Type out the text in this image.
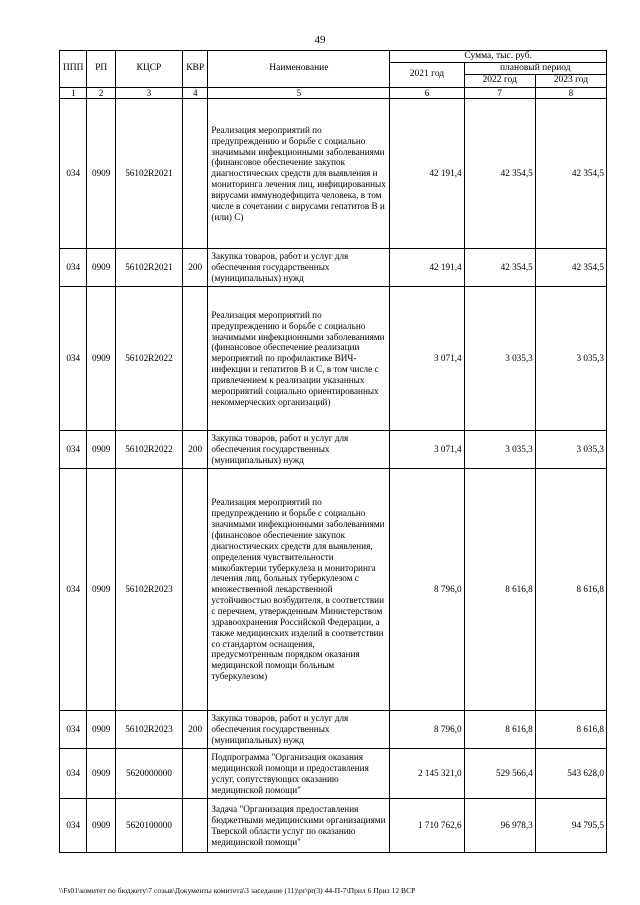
49
ППП	РП	КЦСР	КВР	Наименование	Сумма, тыс. руб.		
					2021 год	плановый период	
						2022 год	2023 год
1	2	3	4	5	6	7	8
034	0909	56102R2021		Реализация мероприятий по предупреждению и борьбе с социально значимыми инфекционными заболеваниями (финансовое обеспечение закупок диагностических средств для выявления и мониторинга лечения лиц, инфицированных вирусами иммунодефицита человека, в том числе в сочетании с вирусами гепатитов В и (или) С)	42 191,4	42 354,5	42 354,5
034	0909	56102R2021	200	Закупка товаров, работ и услуг для обеспечения государственных (муниципальных) нужд	42 191,4	42 354,5	42 354,5
034	0909	56102R2022		Реализация мероприятий по предупреждению и борьбе с социально значимыми инфекционными заболеваниями (финансовое обеспечение реализации мероприятий по профилактике ВИЧ-инфекции и гепатитов В и С, в том числе с привлечением к реализации указанных мероприятий социально ориентированных некоммерческих организаций)	3 071,4	3 035,3	3 035,3
034	0909	56102R2022	200	Закупка товаров, работ и услуг для обеспечения государственных (муниципальных) нужд	3 071,4	3 035,3	3 035,3
034	0909	56102R2023		Реализация мероприятий по предупреждению и борьбе с социально значимыми инфекционными заболеваниями (финансовое обеспечение закупок диагностических средств для выявления, определения чувствительности микобактерии туберкулеза и мониторинга лечения лиц, больных туберкулезом с множественной лекарственной устойчивостью возбудителя, в соответствии с перечнем, утвержденным Министерством здравоохранения Российской Федерации, а также медицинских изделий в соответствии со стандартом оснащения, предусмотренным порядком оказания медицинской помощи больным туберкулезом)	8 796,0	8 616,8	8 616,8
034	0909	56102R2023	200	Закупка товаров, работ и услуг для обеспечения государственных (муниципальных) нужд	8 796,0	8 616,8	8 616,8
034	0909	5620000000		Подпрограмма "Организация оказания медицинской помощи и предоставления услуг, сопутствующих оказанию медицинской помощи"	2 145 321,0	529 566,4	543 628,0
034	0909	5620100000		Задача "Организация предоставления бюджетными медицинскими организациями Тверской области услуг по оказанию медицинской помощи"	1 710 762,6	96 978,3	94 795,5
\\Fs01\комитет по бюджету\7 созыв\Документы комитета\3 заседание (11)\pr\pr(3) 44-П-7\Прил 6 Приз 12 ВСР
